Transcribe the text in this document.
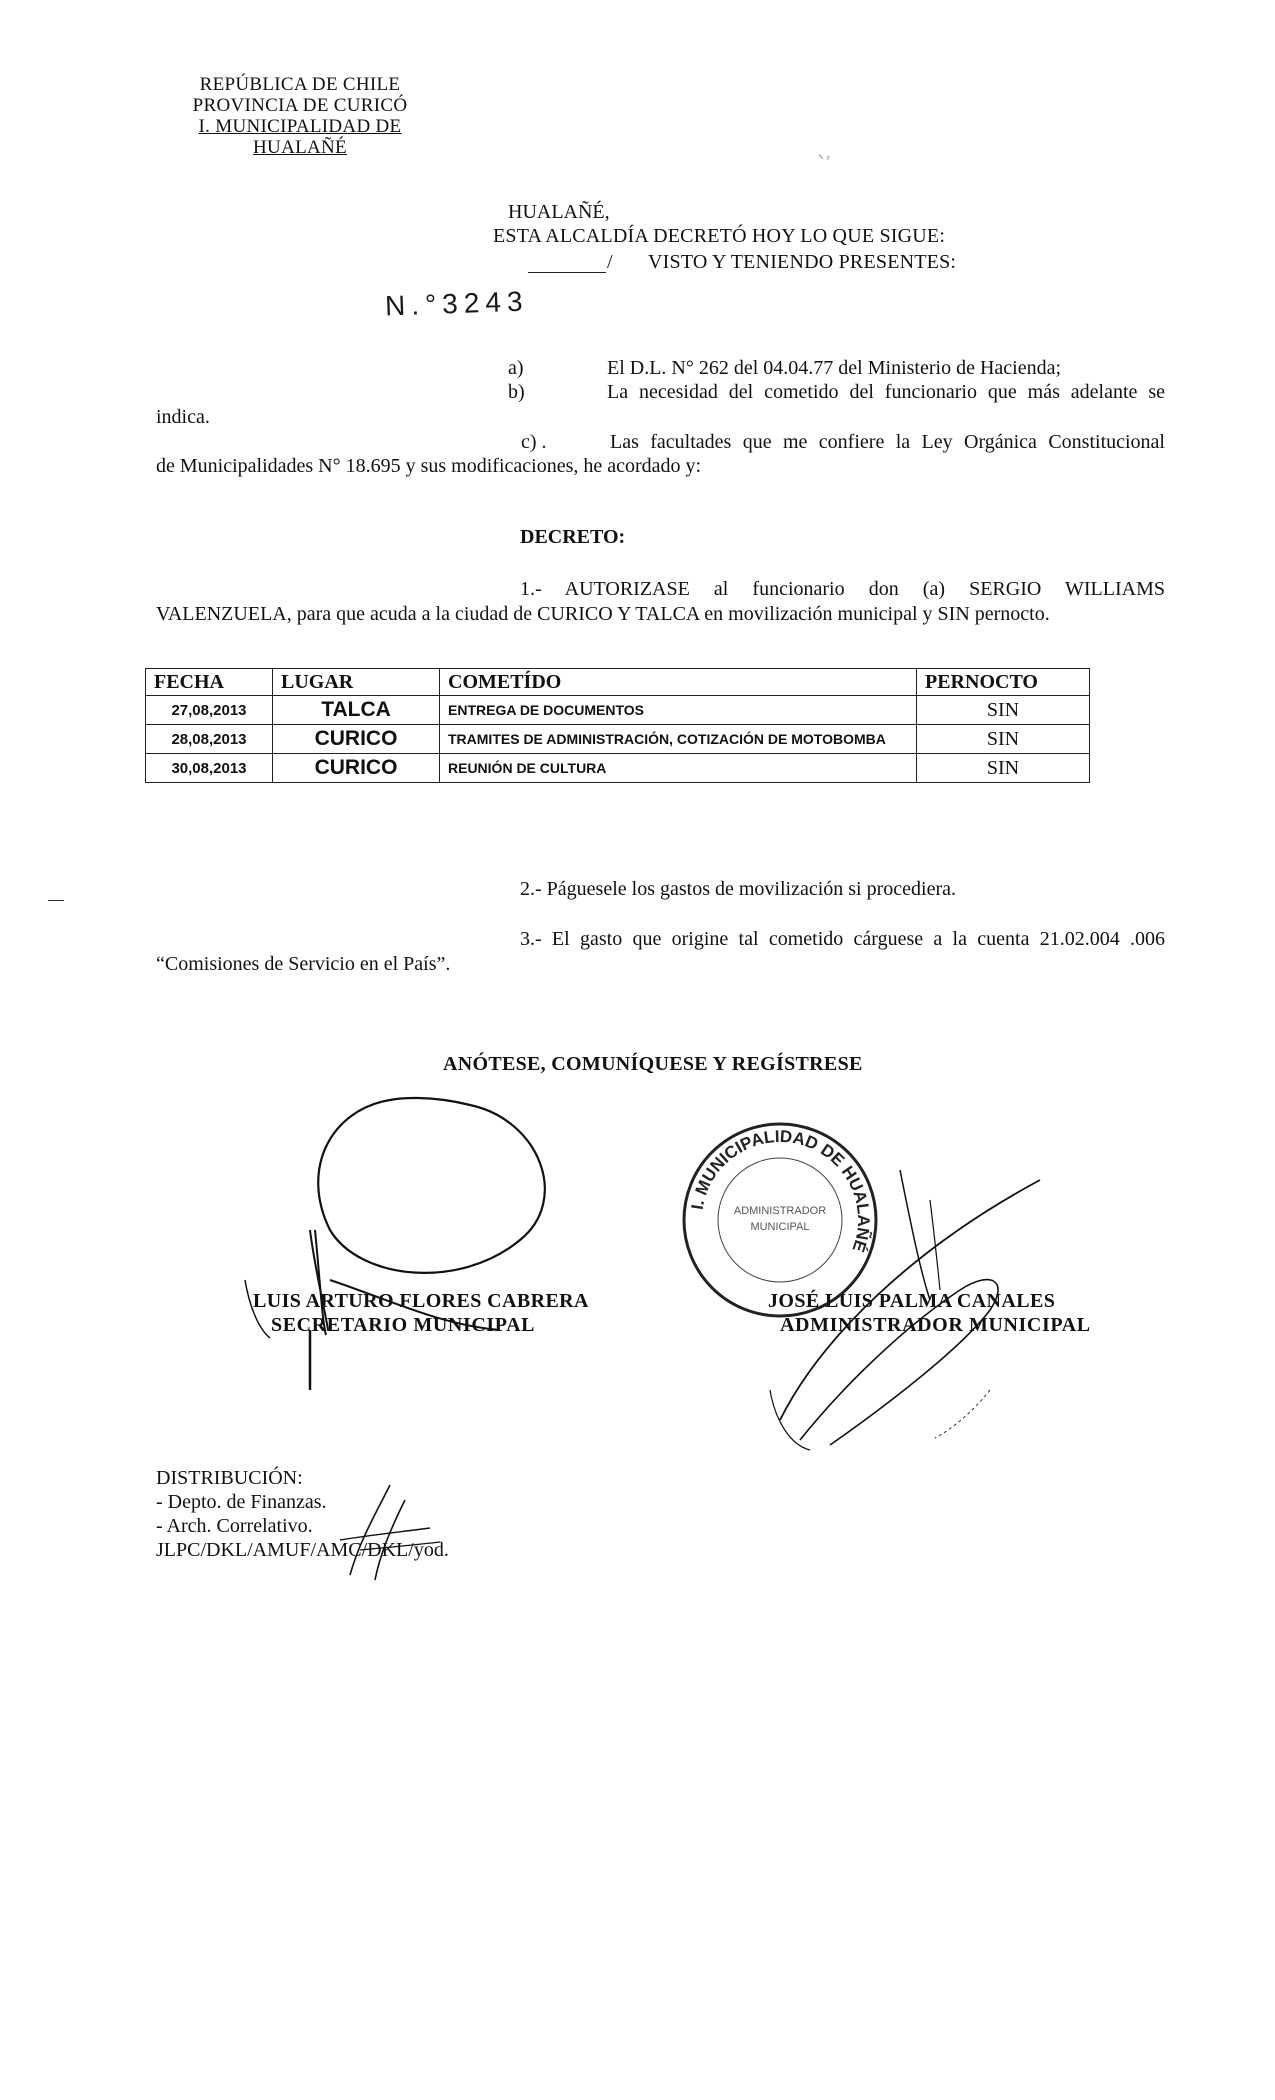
REPÚBLICA DE CHILE
PROVINCIA DE CURICÓ
I. MUNICIPALIDAD DE HUALAÑÉ
⸌ ʳ
HUALAÑÉ,
ESTA ALCALDÍA DECRETÓ HOY LO QUE SIGUE:
/ VISTO Y TENIENDO PRESENTES:
N.°3243
a)	El D.L. N° 262 del 04.04.77 del Ministerio de Hacienda;
b)	La necesidad del cometido del funcionario que más adelante se
indica.
c) .	Las facultades que me confiere la Ley Orgánica Constitucional
de Municipalidades N° 18.695 y sus modificaciones, he acordado y:
DECRETO:
1.- AUTORIZASE al funcionario don (a) SERGIO WILLIAMS
VALENZUELA, para que acuda a la ciudad de CURICO Y TALCA en movilización municipal y SIN pernocto.
FECHA	LUGAR	COMETÍDO	PERNOCTO
27,08,2013	TALCA	ENTREGA DE DOCUMENTOS	SIN
28,08,2013	CURICO	TRAMITES DE ADMINISTRACIÓN, COTIZACIÓN DE MOTOBOMBA	SIN
30,08,2013	CURICO	REUNIÓN DE CULTURA	SIN
2.- Páguesele los gastos de movilización si procediera.
3.- El gasto que origine tal cometido cárguese a la cuenta 21.02.004 .006
“Comisiones de Servicio en el País”.
ANÓTESE, COMUNÍQUESE Y REGÍSTRESE
LUIS ARTURO FLORES CABRERA
SECRETARIO MUNICIPAL
I. MUNICIPALIDAD DE HUALAÑÉ
ADMINISTRADOR
MUNICIPAL
JOSÉ LUIS PALMA CANALES
ADMINISTRADOR MUNICIPAL
DISTRIBUCIÓN:
- Depto. de Finanzas.
- Arch. Correlativo.
JLPC/DKL/AMUF/AMC/DKL/yod.
